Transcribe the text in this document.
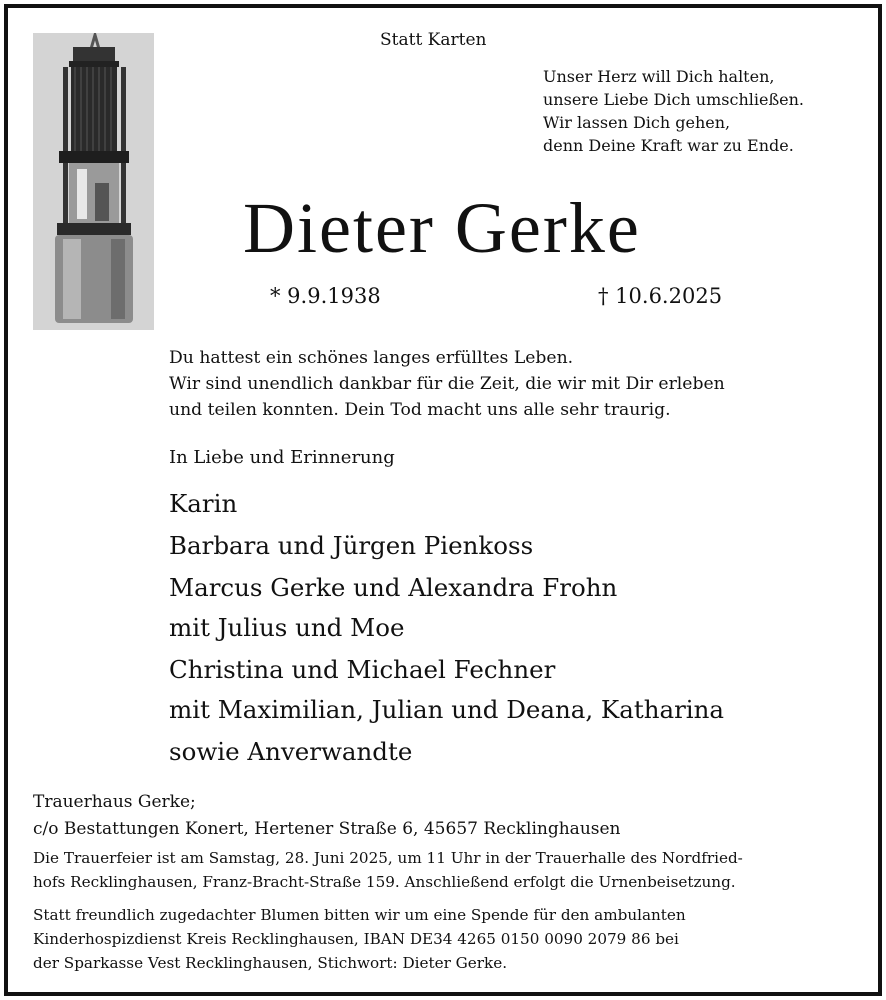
Statt Karten
Unser Herz will Dich halten,
unsere Liebe Dich umschließen.
Wir lassen Dich gehen,
denn Deine Kraft war zu Ende.
Dieter Gerke
* 9.9.1938	† 10.6.2025
Du hattest ein schönes langes erfülltes Leben.
Wir sind unendlich dankbar für die Zeit, die wir mit Dir erleben
und teilen konnten. Dein Tod macht uns alle sehr traurig.
In Liebe und Erinnerung
Karin
Barbara und Jürgen Pienkoss
Marcus Gerke und Alexandra Frohn
mit Julius und Moe
Christina und Michael Fechner
mit Maximilian, Julian und Deana, Katharina
sowie Anverwandte
Trauerhaus Gerke;
c/o Bestattungen Konert, Hertener Straße 6, 45657 Recklinghausen
Die Trauerfeier ist am Samstag, 28. Juni 2025, um 11 Uhr in der Trauerhalle des Nordfried-
hofs Recklinghausen, Franz-Bracht-Straße 159. Anschließend erfolgt die Urnenbeisetzung.
Statt freundlich zugedachter Blumen bitten wir um eine Spende für den ambulanten
Kinderhospizdienst Kreis Recklinghausen, IBAN DE34 4265 0150 0090 2079 86 bei
der Sparkasse Vest Recklinghausen, Stichwort: Dieter Gerke.
